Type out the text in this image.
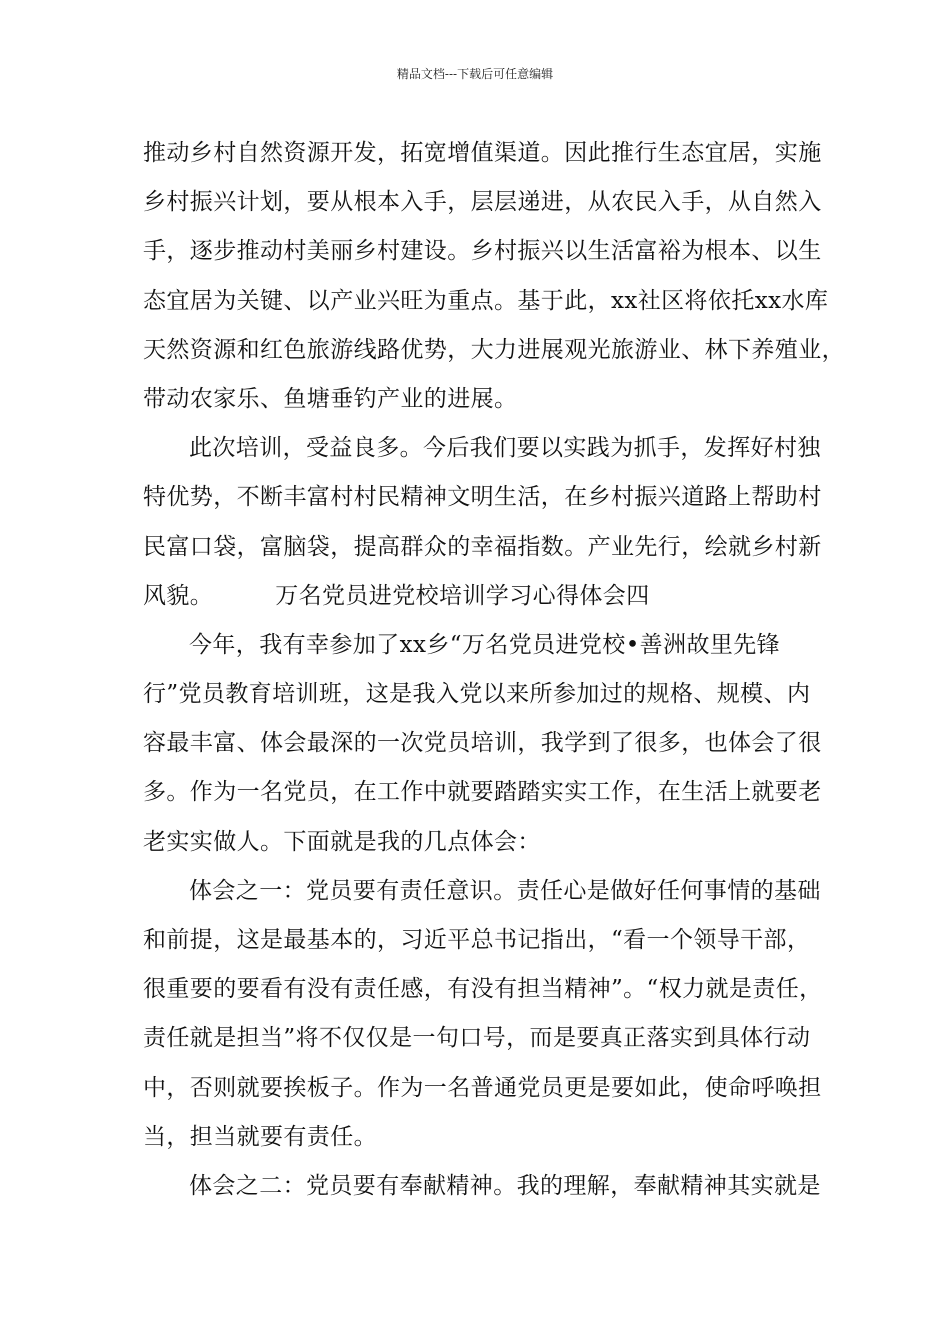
精品文档---下载后可任意编辑
推动乡村自然资源开发，拓宽增值渠道。因此推行生态宜居，实施
乡村振兴计划，要从根本入手，层层递进，从农民入手，从自然入
手，逐步推动村美丽乡村建设。乡村振兴以生活富裕为根本、以生
态宜居为关键、以产业兴旺为重点。基于此，xx社区将依托xx水库
天然资源和红色旅游线路优势，大力进展观光旅游业、林下养殖业，
带动农家乐、鱼塘垂钓产业的进展。
此次培训，受益良多。今后我们要以实践为抓手，发挥好村独
特优势，不断丰富村村民精神文明生活，在乡村振兴道路上帮助村
民富口袋，富脑袋，提高群众的幸福指数。产业先行，绘就乡村新
风貌。	万名党员进党校培训学习心得体会四
今年，我有幸参加了xx乡“万名党员进党校•善洲故里先锋
行”党员教育培训班，这是我入党以来所参加过的规格、规模、内
容最丰富、体会最深的一次党员培训，我学到了很多，也体会了很
多。作为一名党员，在工作中就要踏踏实实工作，在生活上就要老
老实实做人。下面就是我的几点体会：
体会之一：党员要有责任意识。责任心是做好任何事情的基础
和前提，这是最基本的，习近平总书记指出，“看一个领导干部，
很重要的要看有没有责任感，有没有担当精神”。“权力就是责任，
责任就是担当”将不仅仅是一句口号，而是要真正落实到具体行动
中，否则就要挨板子。作为一名普通党员更是要如此，使命呼唤担
当，担当就要有责任。
体会之二：党员要有奉献精神。我的理解，奉献精神其实就是
